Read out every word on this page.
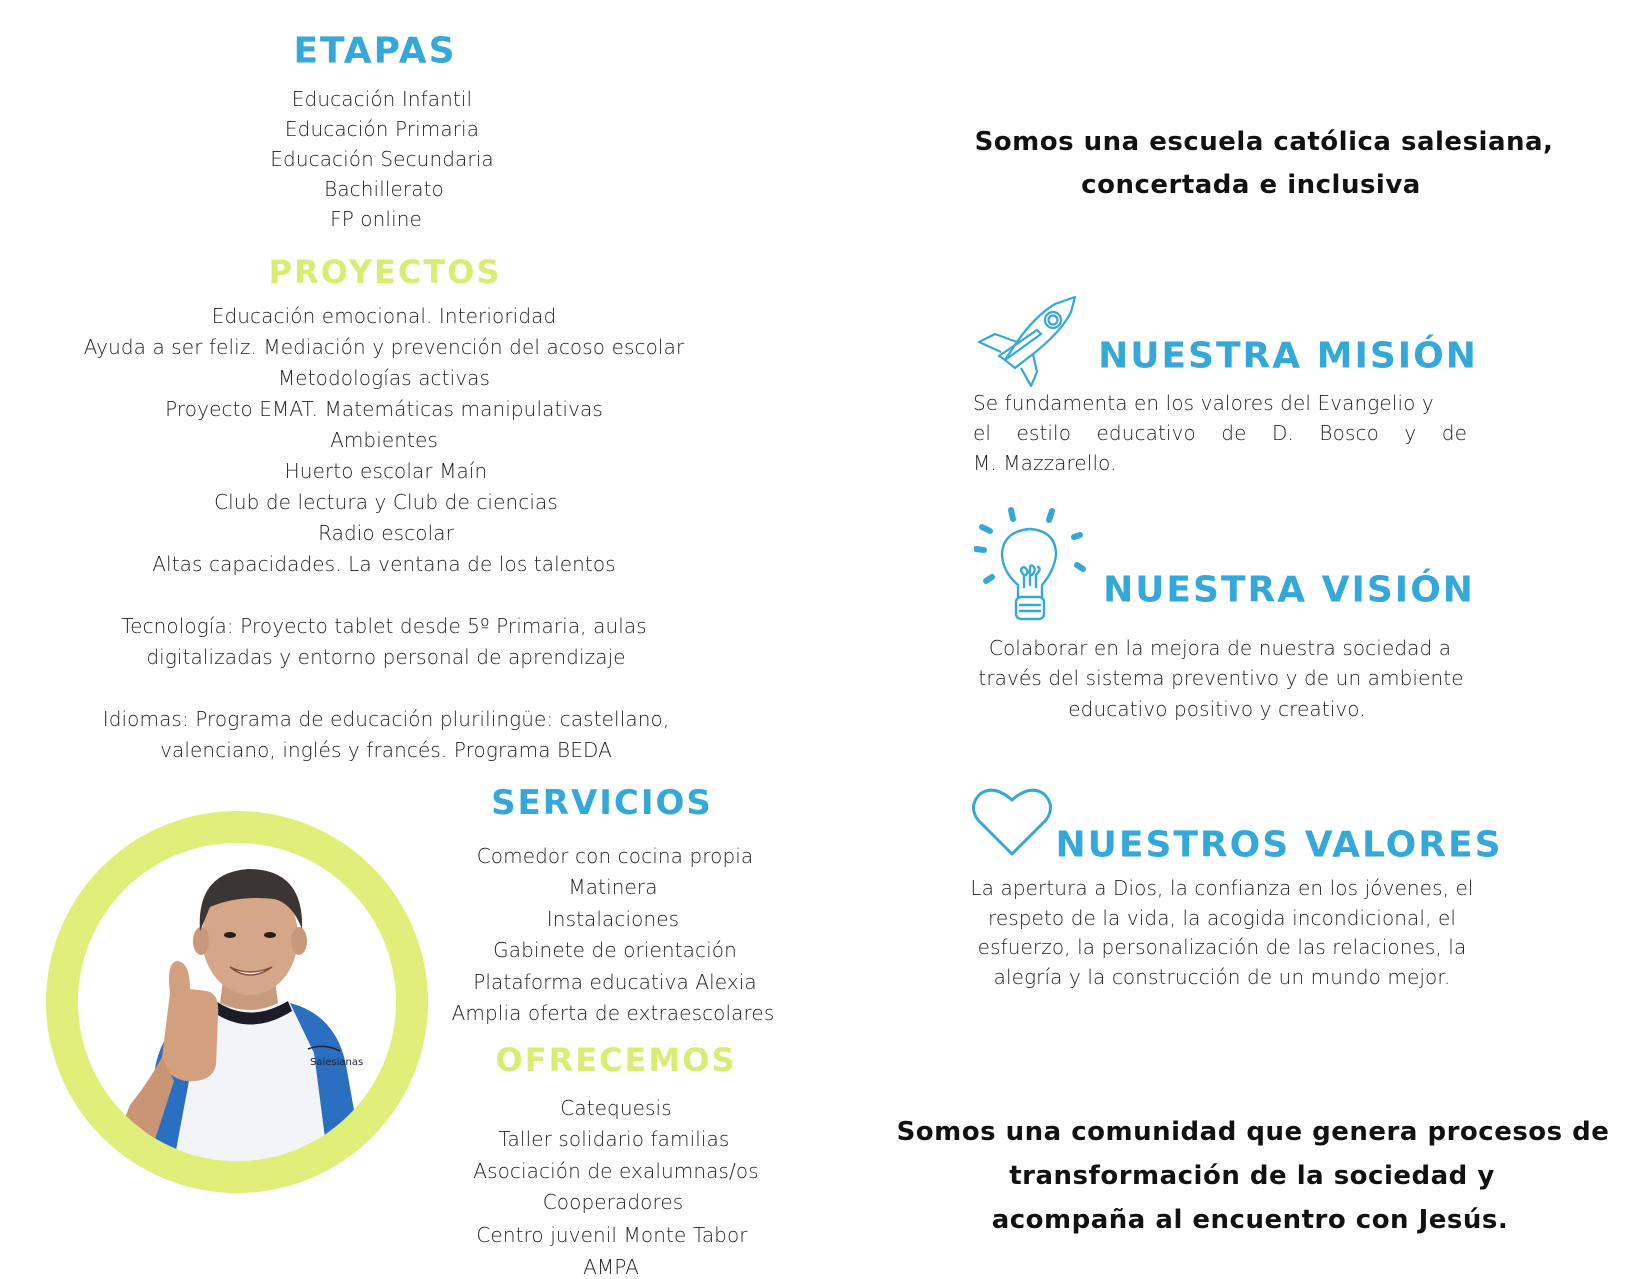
ETAPAS
Educación Infantil
Educación Primaria
Educación Secundaria
Bachillerato
FP online
PROYECTOS
Educación emocional. Interioridad
Ayuda a ser feliz. Mediación y prevención del acoso escolar
Metodologías activas
Proyecto EMAT. Matemáticas manipulativas
Ambientes
Huerto escolar Maín
Club de lectura y Club de ciencias
Radio escolar
Altas capacidades. La ventana de los talentos
Tecnología: Proyecto tablet desde 5º Primaria, aulas
digitalizadas y entorno personal de aprendizaje
Idiomas: Programa de educación plurilingüe: castellano,
valenciano, inglés y francés. Programa BEDA
Salesianas
SERVICIOS
Comedor con cocina propia
Matinera
Instalaciones
Gabinete de orientación
Plataforma educativa Alexia
Amplia oferta de extraescolares
OFRECEMOS
Catequesis
Taller solidario familias
Asociación de exalumnas/os
Cooperadores
Centro juvenil Monte Tabor
AMPA
Somos una escuela católica salesiana,
concertada e inclusiva
NUESTRA MISIÓN
Se fundamenta en los valores del Evangelio y
el estilo educativo de D. Bosco y de
M. Mazzarello.
NUESTRA VISIÓN
Colaborar en la mejora de nuestra sociedad a
través del sistema preventivo y de un ambiente
educativo positivo y creativo.
NUESTROS VALORES
La apertura a Dios, la confianza en los jóvenes, el
respeto de la vida, la acogida incondicional, el
esfuerzo, la personalización de las relaciones, la
alegría y la construcción de un mundo mejor.
Somos una comunidad que genera procesos de
transformación de la sociedad y
acompaña al encuentro con Jesús.
